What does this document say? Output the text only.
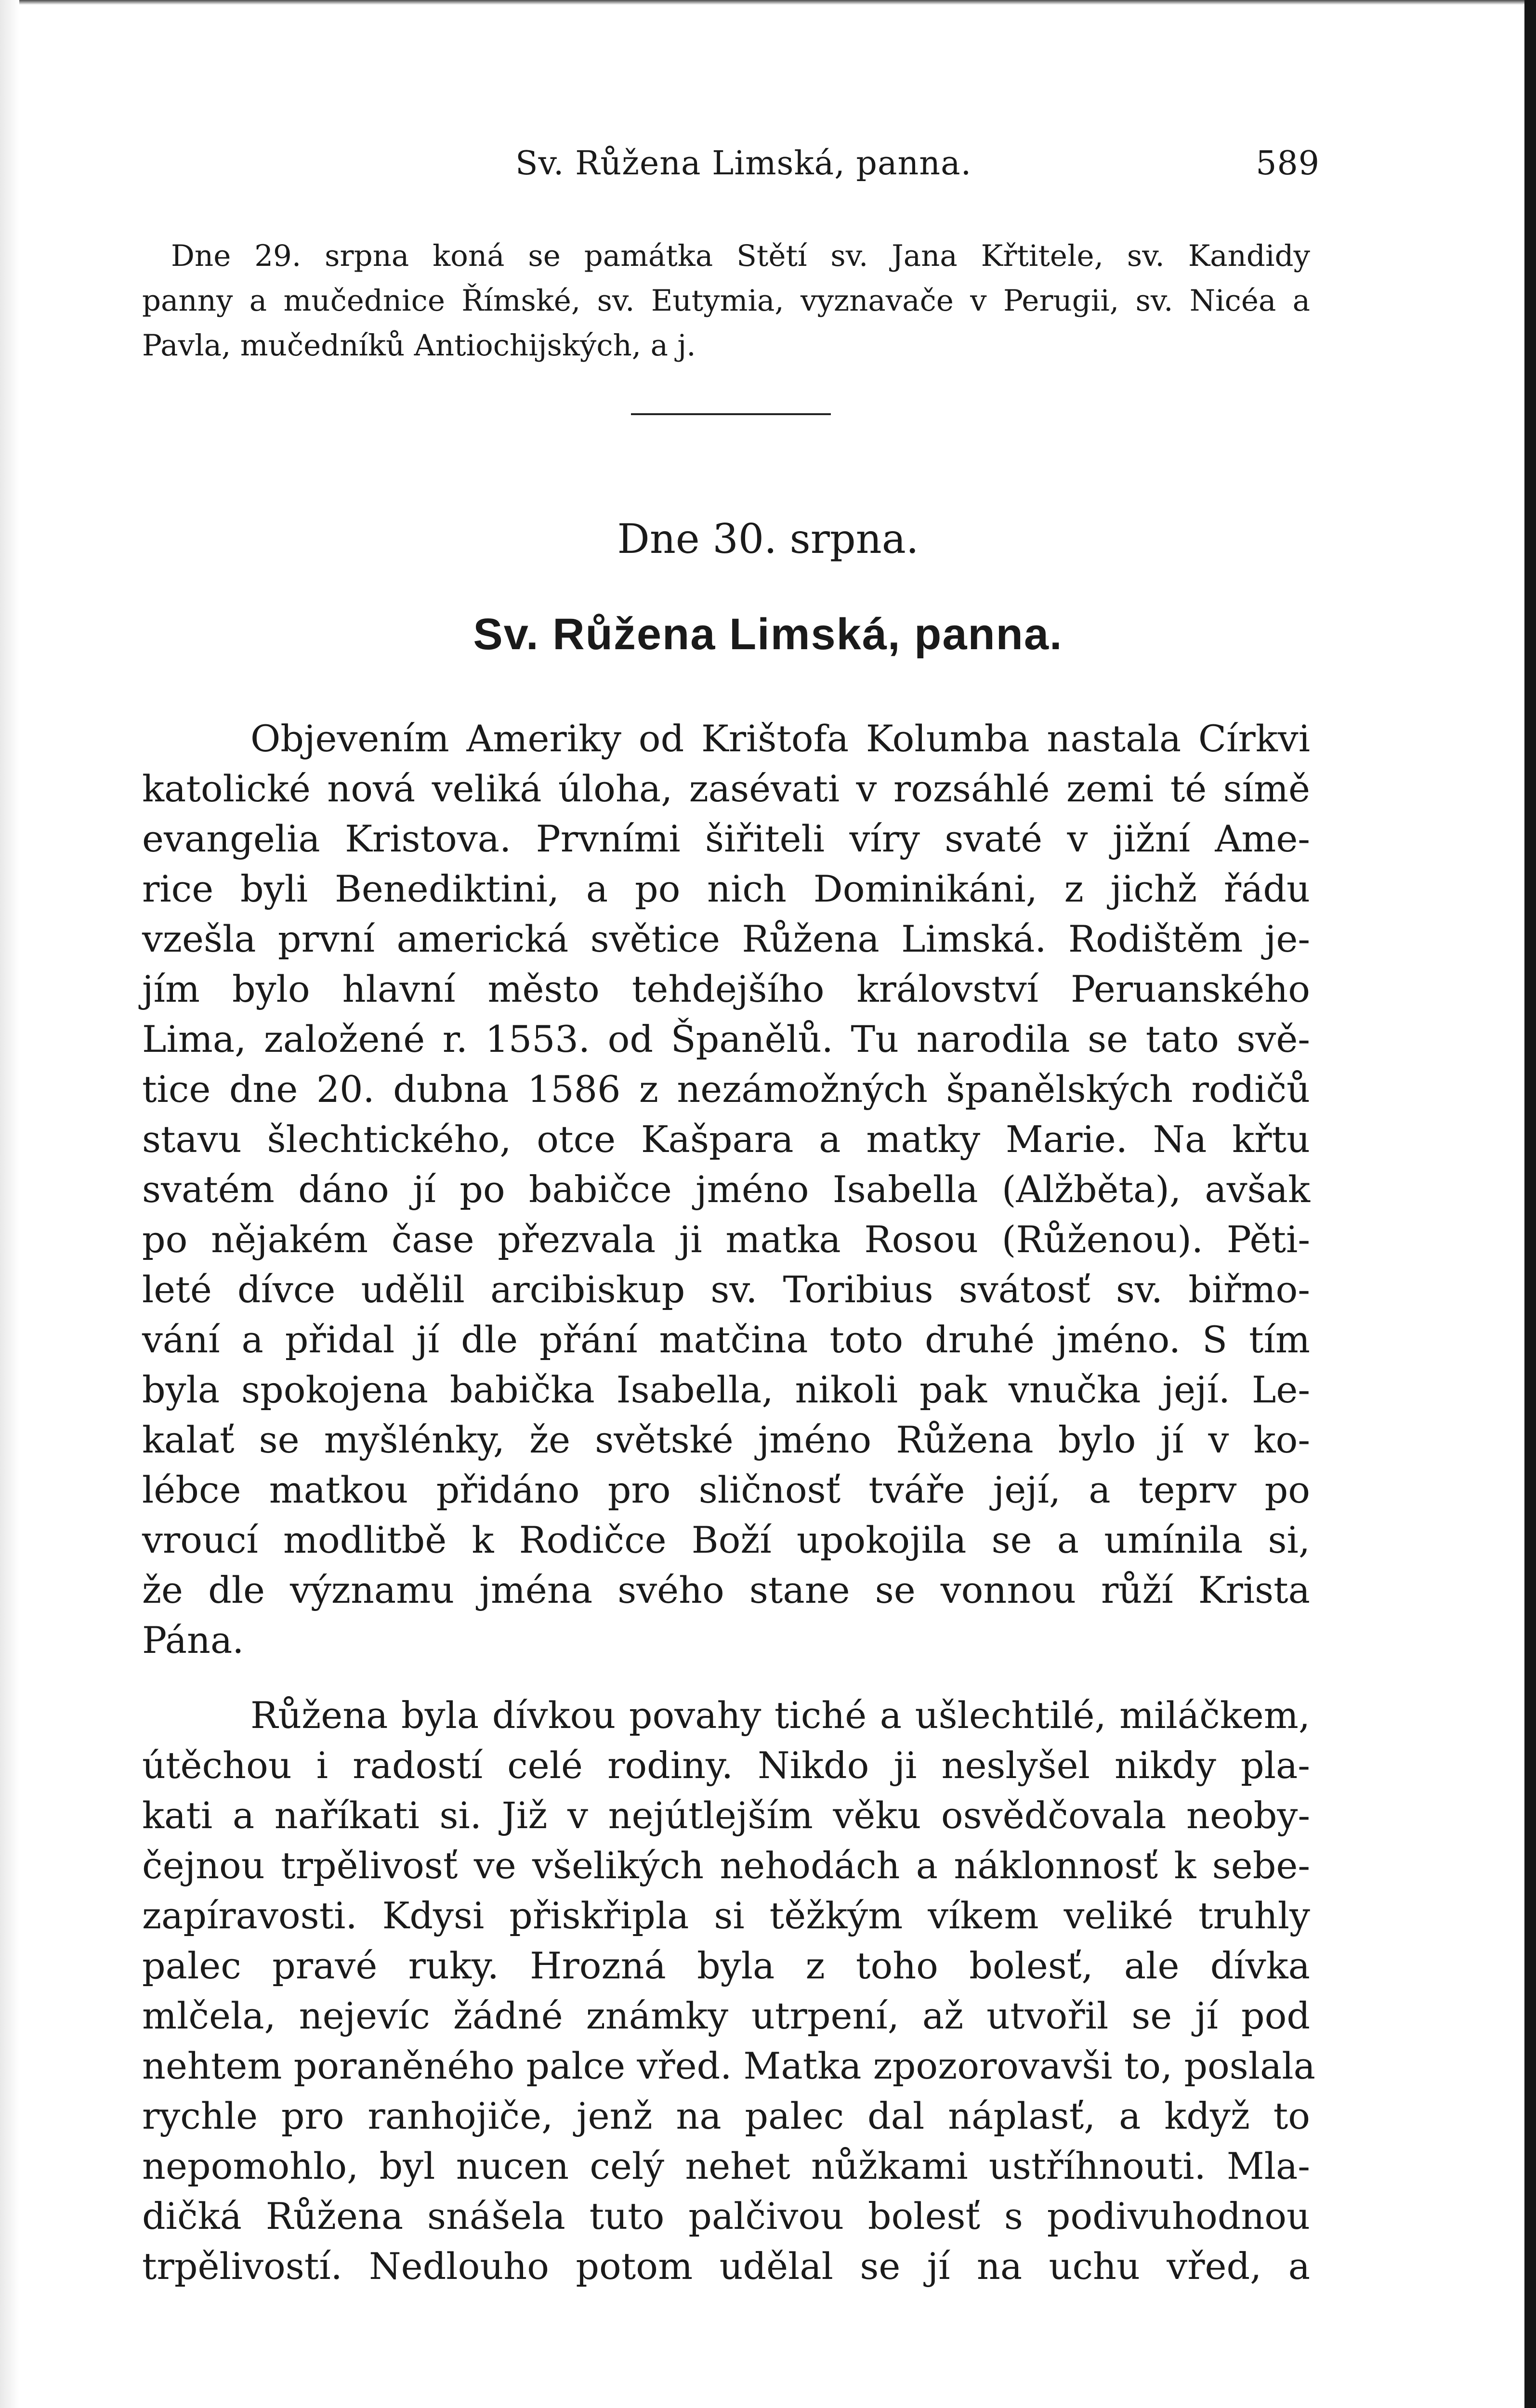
Sv. Růžena Limská, panna.	589
Dne 29. srpna koná se památka Stětí sv. Jana Křtitele, sv. Kandidy
panny a mučednice Římské, sv. Eutymia, vyznavače v Perugii, sv. Nicéa a
Pavla, mučedníků Antiochijských, a j.
Dne 30. srpna.
Sv. Růžena Limská, panna.
Objevením Ameriky od Krištofa Kolumba nastala Církvi
katolické nová veliká úloha, zasévati v rozsáhlé zemi té símě
evangelia Kristova. Prvními šiřiteli víry svaté v jižní Ame-
rice byli Benediktini, a po nich Dominikáni, z jichž řádu
vzešla první americká světice Růžena Limská. Rodištěm je-
jím bylo hlavní město tehdejšího království Peruanského
Lima, založené r. 1553. od Španělů. Tu narodila se tato svě-
tice dne 20. dubna 1586 z nezámožných španělských rodičů
stavu šlechtického, otce Kašpara a matky Marie. Na křtu
svatém dáno jí po babičce jméno Isabella (Alžběta), avšak
po nějakém čase přezvala ji matka Rosou (Růženou). Pěti-
leté dívce udělil arcibiskup sv. Toribius svátosť sv. biřmo-
vání a přidal jí dle přání matčina toto druhé jméno. S tím
byla spokojena babička Isabella, nikoli pak vnučka její. Le-
kalať se myšlénky, že světské jméno Růžena bylo jí v ko-
lébce matkou přidáno pro sličnosť tváře její, a teprv po
vroucí modlitbě k Rodičce Boží upokojila se a umínila si,
že dle významu jména svého stane se vonnou růží Krista
Pána.
Růžena byla dívkou povahy tiché a ušlechtilé, miláčkem,
útěchou i radostí celé rodiny. Nikdo ji neslyšel nikdy pla-
kati a naříkati si. Již v nejútlejším věku osvědčovala neoby-
čejnou trpělivosť ve všelikých nehodách a náklonnosť k sebe-
zapíravosti. Kdysi přiskřipla si těžkým víkem veliké truhly
palec pravé ruky. Hrozná byla z toho bolesť, ale dívka
mlčela, nejevíc žádné známky utrpení, až utvořil se jí pod
nehtem poraněného palce vřed. Matka zpozorovavši to, poslala
rychle pro ranhojiče, jenž na palec dal náplasť, a když to
nepomohlo, byl nucen celý nehet nůžkami ustříhnouti. Mla-
dičká Růžena snášela tuto palčivou bolesť s podivuhodnou
trpělivostí. Nedlouho potom udělal se jí na uchu vřed, a
